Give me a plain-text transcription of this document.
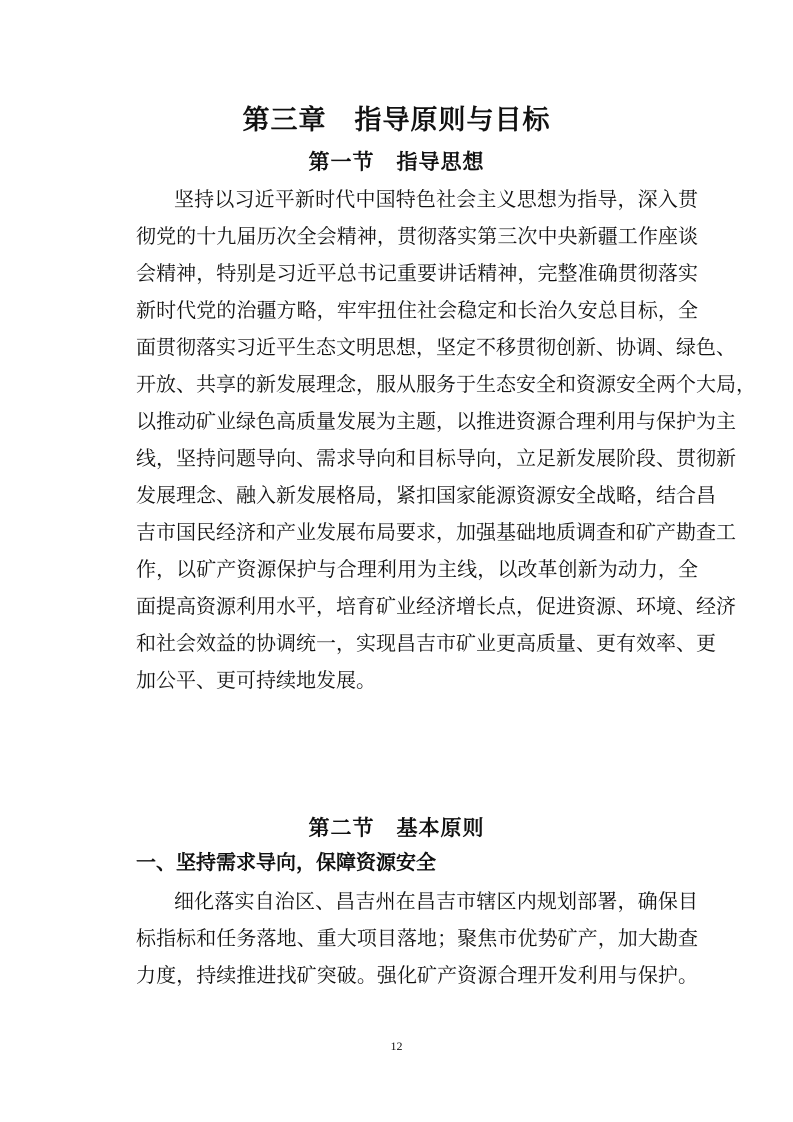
第三章　指导原则与目标
第一节　指导思想
坚持以习近平新时代中国特色社会主义思想为指导，深入贯
彻党的十九届历次全会精神，贯彻落实第三次中央新疆工作座谈
会精神，特别是习近平总书记重要讲话精神，完整准确贯彻落实
新时代党的治疆方略，牢牢扭住社会稳定和长治久安总目标，全
面贯彻落实习近平生态文明思想，坚定不移贯彻创新、协调、绿色、
开放、共享的新发展理念，服从服务于生态安全和资源安全两个大局，
以推动矿业绿色高质量发展为主题，以推进资源合理利用与保护为主
线，坚持问题导向、需求导向和目标导向，立足新发展阶段、贯彻新
发展理念、融入新发展格局，紧扣国家能源资源安全战略，结合昌
吉市国民经济和产业发展布局要求，加强基础地质调查和矿产勘查工
作，以矿产资源保护与合理利用为主线，以改革创新为动力，全
面提高资源利用水平，培育矿业经济增长点，促进资源、环境、经济
和社会效益的协调统一，实现昌吉市矿业更高质量、更有效率、更
加公平、更可持续地发展。
第二节　基本原则
一、坚持需求导向，保障资源安全
细化落实自治区、昌吉州在昌吉市辖区内规划部署，确保目
标指标和任务落地、重大项目落地；聚焦市优势矿产，加大勘查
力度，持续推进找矿突破。强化矿产资源合理开发利用与保护。
12
